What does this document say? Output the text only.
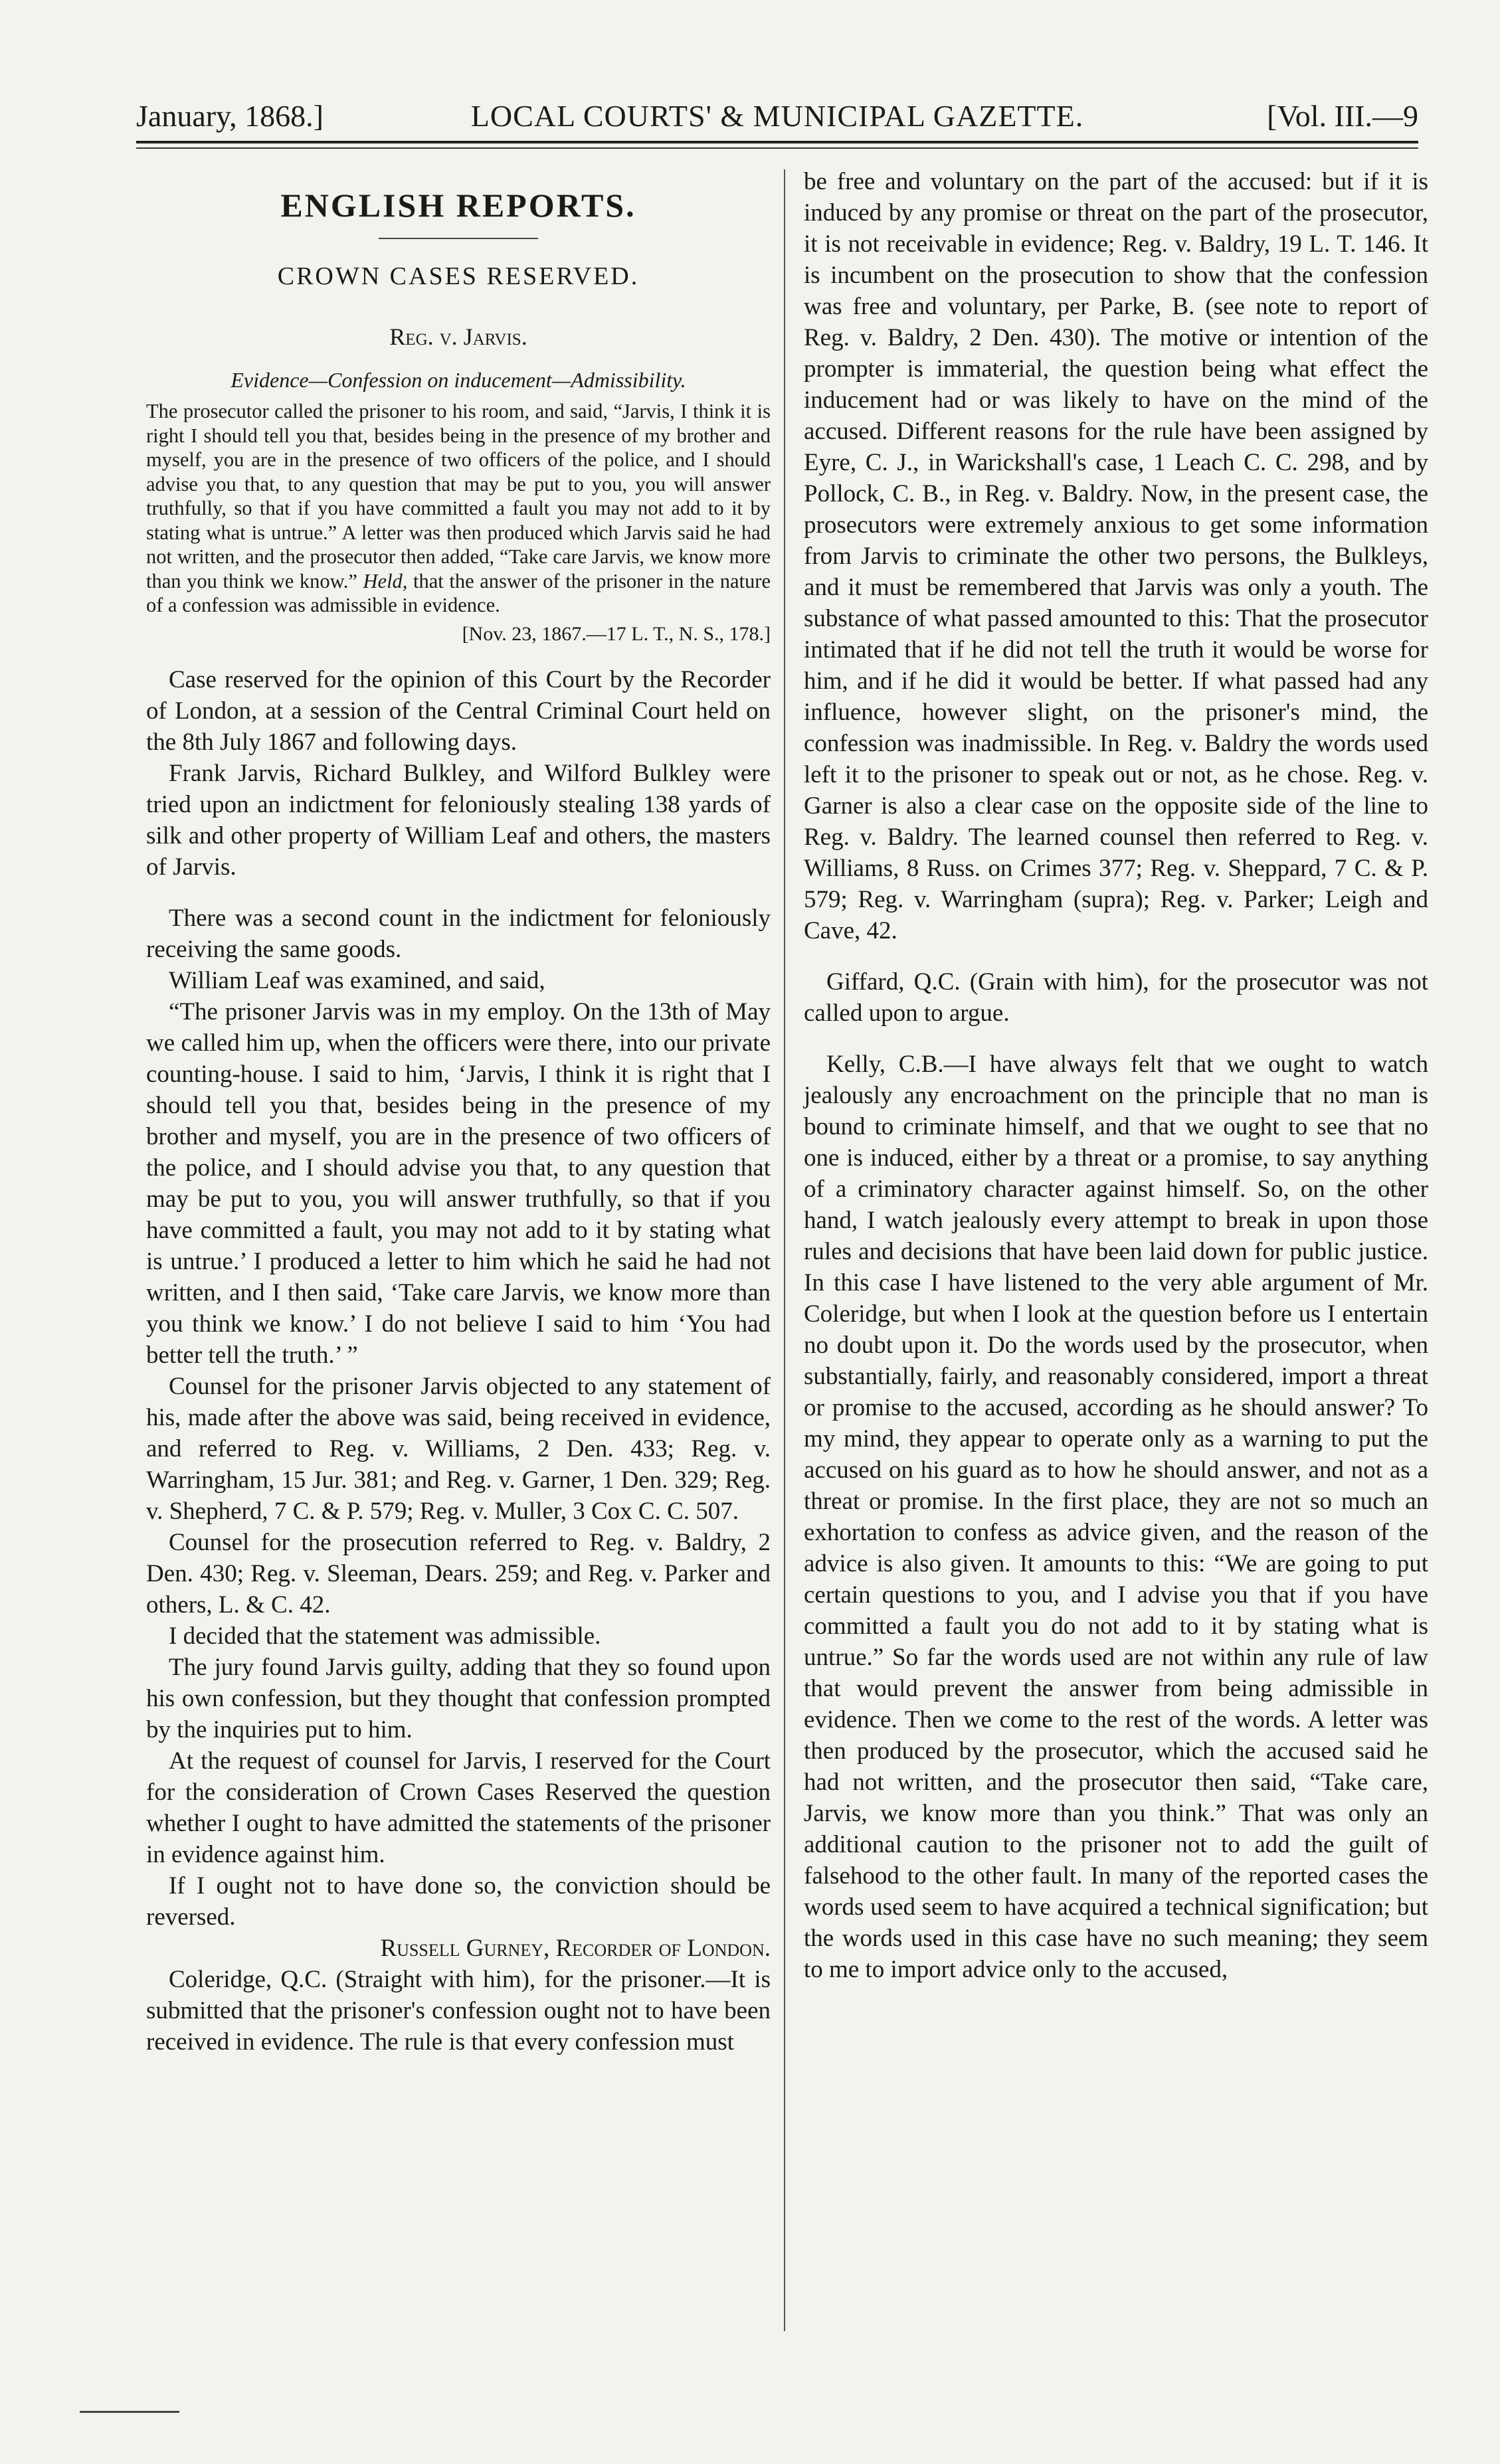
January, 1868.]	LOCAL COURTS' & MUNICIPAL GAZETTE.	[Vol. III.—9
ENGLISH REPORTS.
CROWN CASES RESERVED.
Reg. v. Jarvis.
Evidence—Confession on inducement—Admissibility.

The prosecutor called the prisoner to his room, and said, “Jarvis, I think it is right I should tell you that, besides being in the presence of my brother and myself, you are in the presence of two officers of the police, and I should advise you that, to any question that may be put to you, you will answer truthfully, so that if you have committed a fault you may not add to it by stating what is untrue.” A letter was then produced which Jarvis said he had not written, and the prosecutor then added, “Take care Jarvis, we know more than you think we know.” Held, that the answer of the prisoner in the nature of a confession was admissible in evidence.

[Nov. 23, 1867.—17 L. T., N. S., 178.]

Case reserved for the opinion of this Court by the Recorder of London, at a session of the Central Criminal Court held on the 8th July 1867 and following days.

Frank Jarvis, Richard Bulkley, and Wilford Bulkley were tried upon an indictment for feloniously stealing 138 yards of silk and other property of William Leaf and others, the masters of Jarvis.

There was a second count in the indictment for feloniously receiving the same goods.

William Leaf was examined, and said,

“The prisoner Jarvis was in my employ. On the 13th of May we called him up, when the officers were there, into our private counting-house. I said to him, ‘Jarvis, I think it is right that I should tell you that, besides being in the presence of my brother and myself, you are in the presence of two officers of the police, and I should advise you that, to any question that may be put to you, you will answer truthfully, so that if you have committed a fault, you may not add to it by stating what is untrue.’ I produced a letter to him which he said he had not written, and I then said, ‘Take care Jarvis, we know more than you think we know.’ I do not believe I said to him ‘You had better tell the truth.’ ”

Counsel for the prisoner Jarvis objected to any statement of his, made after the above was said, being received in evidence, and referred to Reg. v. Williams, 2 Den. 433; Reg. v. Warringham, 15 Jur. 381; and Reg. v. Garner, 1 Den. 329; Reg. v. Shepherd, 7 C. & P. 579; Reg. v. Muller, 3 Cox C. C. 507.

Counsel for the prosecution referred to Reg. v. Baldry, 2 Den. 430; Reg. v. Sleeman, Dears. 259; and Reg. v. Parker and others, L. & C. 42.

I decided that the statement was admissible.

The jury found Jarvis guilty, adding that they so found upon his own confession, but they thought that confession prompted by the inquiries put to him.

At the request of counsel for Jarvis, I reserved for the Court for the consideration of Crown Cases Reserved the question whether I ought to have admitted the statements of the prisoner in evidence against him.

If I ought not to have done so, the conviction should be reversed.

Russell Gurney, Recorder of London.

Coleridge, Q.C. (Straight with him), for the prisoner.—It is submitted that the prisoner's confession ought not to have been received in evidence. The rule is that every confession must

be free and voluntary on the part of the accused: but if it is induced by any promise or threat on the part of the prosecutor, it is not receivable in evidence; Reg. v. Baldry, 19 L. T. 146. It is incumbent on the prosecution to show that the confession was free and voluntary, per Parke, B. (see note to report of Reg. v. Baldry, 2 Den. 430). The motive or intention of the prompter is immaterial, the question being what effect the inducement had or was likely to have on the mind of the accused. Different reasons for the rule have been assigned by Eyre, C. J., in Warickshall's case, 1 Leach C. C. 298, and by Pollock, C. B., in Reg. v. Baldry. Now, in the present case, the prosecutors were extremely anxious to get some information from Jarvis to criminate the other two persons, the Bulkleys, and it must be remembered that Jarvis was only a youth. The substance of what passed amounted to this: That the prosecutor intimated that if he did not tell the truth it would be worse for him, and if he did it would be better. If what passed had any influence, however slight, on the prisoner's mind, the confession was inadmissible. In Reg. v. Baldry the words used left it to the prisoner to speak out or not, as he chose. Reg. v. Garner is also a clear case on the opposite side of the line to Reg. v. Baldry. The learned counsel then referred to Reg. v. Williams, 8 Russ. on Crimes 377; Reg. v. Sheppard, 7 C. & P. 579; Reg. v. Warringham (supra); Reg. v. Parker; Leigh and Cave, 42.

Giffard, Q.C. (Grain with him), for the prosecutor was not called upon to argue.

Kelly, C.B.—I have always felt that we ought to watch jealously any encroachment on the principle that no man is bound to criminate himself, and that we ought to see that no one is induced, either by a threat or a promise, to say anything of a criminatory character against himself. So, on the other hand, I watch jealously every attempt to break in upon those rules and decisions that have been laid down for public justice. In this case I have listened to the very able argument of Mr. Coleridge, but when I look at the question before us I entertain no doubt upon it. Do the words used by the prosecutor, when substantially, fairly, and reasonably considered, import a threat or promise to the accused, according as he should answer? To my mind, they appear to operate only as a warning to put the accused on his guard as to how he should answer, and not as a threat or promise. In the first place, they are not so much an exhortation to confess as advice given, and the reason of the advice is also given. It amounts to this: “We are going to put certain questions to you, and I advise you that if you have committed a fault you do not add to it by stating what is untrue.” So far the words used are not within any rule of law that would prevent the answer from being admissible in evidence. Then we come to the rest of the words. A letter was then produced by the prosecutor, which the accused said he had not written, and the prosecutor then said, “Take care, Jarvis, we know more than you think.” That was only an additional caution to the prisoner not to add the guilt of falsehood to the other fault. In many of the reported cases the words used seem to have acquired a technical signification; but the words used in this case have no such meaning; they seem to me to import advice only to the accused,
